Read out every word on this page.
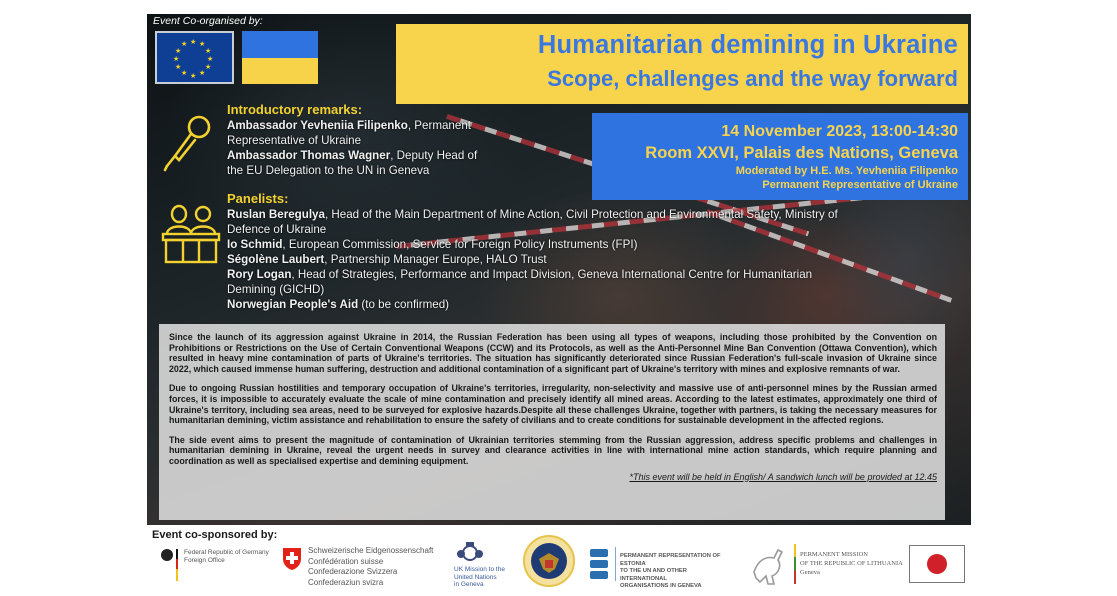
Event Co-organised by:
★ ★
★
★
★
★
★
★
★
★
★
★	Humanitarian demining in Ukraine
Scope, challenges and the way forward
14 November 2023, 13:00-14:30
Room XXVI, Palais des Nations, Geneva
Moderated by H.E. Ms. Yevheniia Filipenko
Permanent Representative of Ukraine
Introductory remarks:
Ambassador Yevheniia Filipenko, Permanent Representative of Ukraine
Ambassador Thomas Wagner, Deputy Head of the EU Delegation to the UN in Geneva
Panelists:
Ruslan Beregulya, Head of the Main Department of Mine Action, Civil Protection and Environmental Safety, Ministry of Defence of Ukraine
Io Schmid, European Commission, Service for Foreign Policy Instruments (FPI)
Ségolène Laubert, Partnership Manager Europe, HALO Trust
Rory Logan, Head of Strategies, Performance and Impact Division, Geneva International Centre for Humanitarian Demining (GICHD)
Norwegian People's Aid (to be confirmed)

Since the launch of its aggression against Ukraine in 2014, the Russian Federation has been using all types of weapons, including those prohibited by the Convention on Prohibitions or Restrictions on the Use of Certain Conventional Weapons (CCW) and its Protocols, as well as the Anti-Personnel Mine Ban Convention (Ottawa Convention), which resulted in heavy mine contamination of parts of Ukraine's territories. The situation has significantly deteriorated since Russian Federation's full-scale invasion of Ukraine since 2022, which caused immense human suffering, destruction and additional contamination of a significant part of Ukraine's territory with mines and explosive remnants of war.

Due to ongoing Russian hostilities and temporary occupation of Ukraine's territories, irregularity, non-selectivity and massive use of anti-personnel mines by the Russian armed forces, it is impossible to accurately evaluate the scale of mine contamination and precisely identify all mined areas. According to the latest estimates, approximately one third of Ukraine's territory, including sea areas, need to be surveyed for explosive hazards.Despite all these challenges Ukraine, together with partners, is taking the necessary measures for humanitarian demining, victim assistance and rehabilitation to ensure the safety of civilians and to create conditions for sustainable development in the affected regions.

The side event aims to present the magnitude of contamination of Ukrainian territories stemming from the Russian aggression, address specific problems and challenges in humanitarian demining in Ukraine, reveal the urgent needs in survey and clearance activities in line with international mine action standards, which require planning and coordination as well as specialised expertise and demining equipment.

*This event will be held in English/ A sandwich lunch will be provided at 12.45

Event co-sponsored by:
Federal Republic of Germany
Foreign Office
Schweizerische Eidgenossenschaft
Confédération suisse
Confederazione Svizzera
Confederaziun svizra
UK Mission to the
United Nations
in Geneva
PERMANENT REPRESENTATION OF ESTONIA
TO THE UN AND OTHER INTERNATIONAL
ORGANISATIONS IN GENEVA
PERMANENT MISSION
OF THE REPUBLIC OF LITHUANIA
Geneva
